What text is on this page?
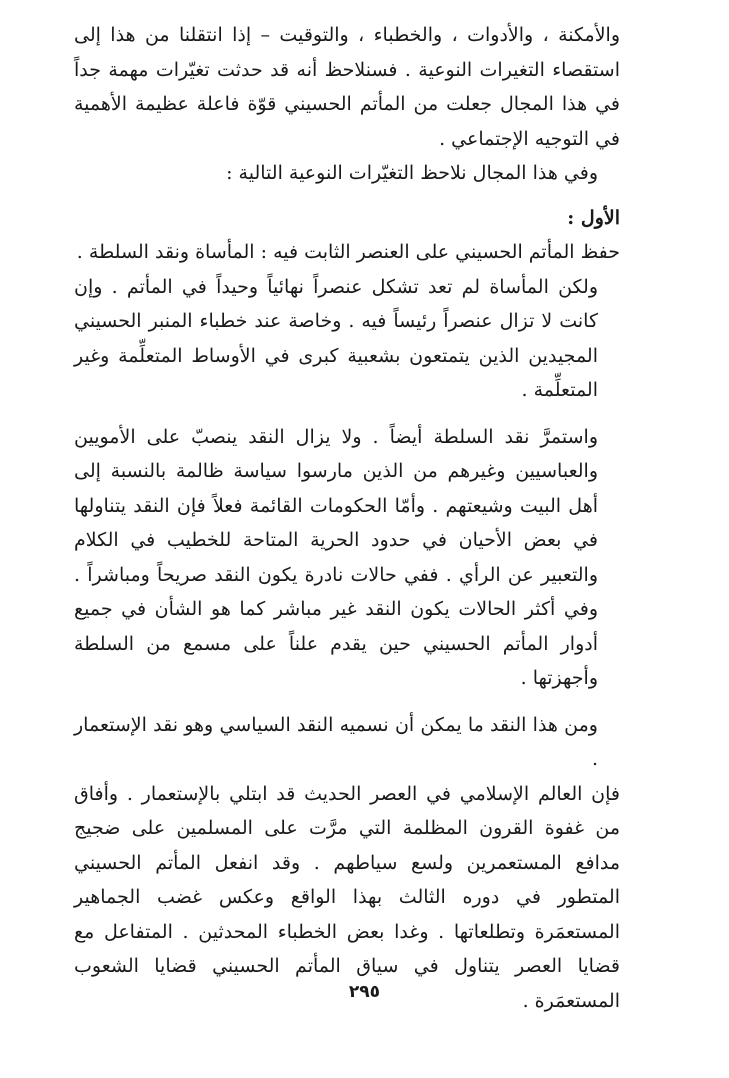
والأمكنة ، والأدوات ، والخطباء ، والتوقيت – إذا انتقلنا من هذا إلى استقصاء التغيرات النوعية . فسنلاحظ أنه قد حدثت تغيّرات مهمة جداً في هذا المجال جعلت من المأتم الحسيني قوّة فاعلة عظيمة الأهمية في التوجيه الإجتماعي .

وفي هذا المجال نلاحظ التغيّرات النوعية التالية :

الأول :

حفظ المأتم الحسيني على العنصر الثابت فيه : المأساة ونقد السلطة .

ولكن المأساة لم تعد تشكل عنصراً نهائياً وحيداً في المأتم . وإن كانت لا تزال عنصراً رئيساً فيه . وخاصة عند خطباء المنبر الحسيني المجيدين الذين يتمتعون بشعبية كبرى في الأوساط المتعلِّمة وغير المتعلِّمة .

واستمرَّ نقد السلطة أيضاً . ولا يزال النقد ينصبّ على الأمويين والعباسيين وغيرهم من الذين مارسوا سياسة ظالمة بالنسبة إلى أهل البيت وشيعتهم . وأمّا الحكومات القائمة فعلاً فإن النقد يتناولها في بعض الأحيان في حدود الحرية المتاحة للخطيب في الكلام والتعبير عن الرأي . ففي حالات نادرة يكون النقد صريحاً ومباشراً . وفي أكثر الحالات يكون النقد غير مباشر كما هو الشأن في جميع أدوار المأتم الحسيني حين يقدم علناً على مسمع من السلطة وأجهزتها .

ومن هذا النقد ما يمكن أن نسميه النقد السياسي وهو نقد الإستعمار .

فإن العالم الإسلامي في العصر الحديث قد ابتلي بالإستعمار . وأفاق من غفوة القرون المظلمة التي مرَّت على المسلمين على ضجيج مدافع المستعمرين ولسع سياطهم . وقد انفعل المأتم الحسيني المتطور في دوره الثالث بهذا الواقع وعكس غضب الجماهير المستعمَرة وتطلعاتها . وغدا بعض الخطباء المحدثين . المتفاعل مع قضايا العصر يتناول في سياق المأتم الحسيني قضايا الشعوب المستعمَرة .

٢٩٥
